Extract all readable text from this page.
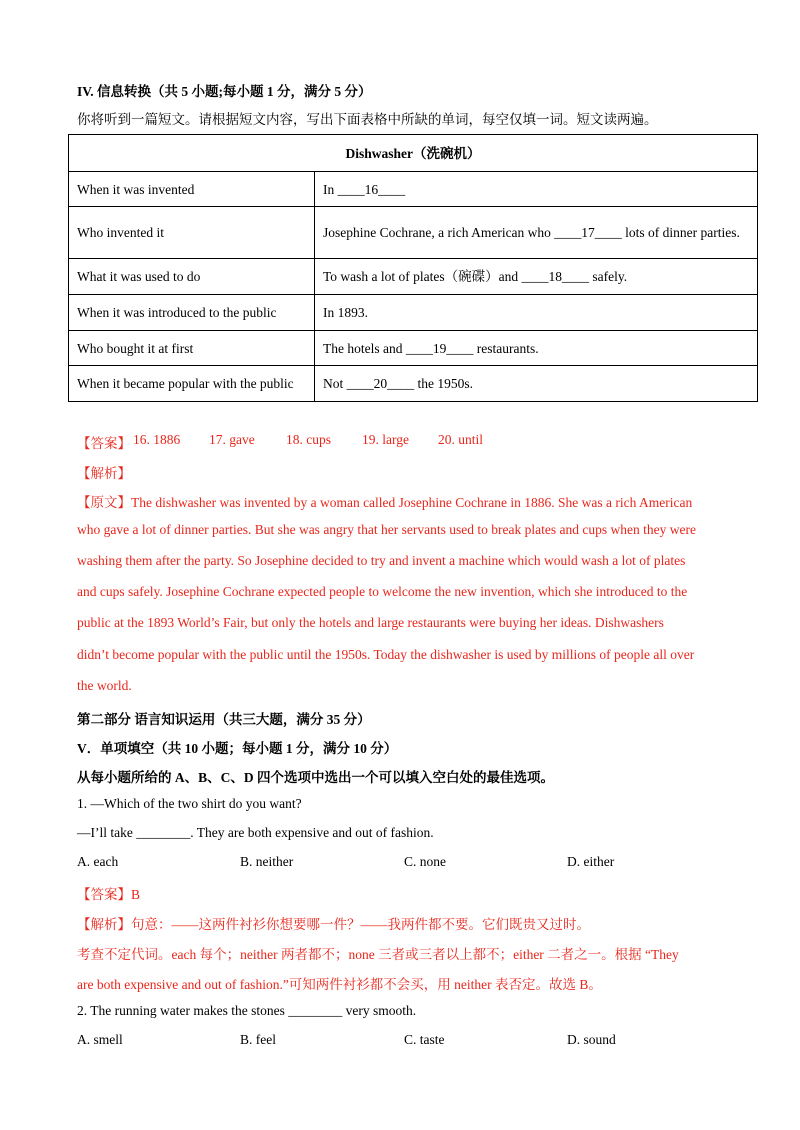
IV. 信息转换（共 5 小题;每小题 1 分，满分 5 分）
你将听到一篇短文。请根据短文内容，写出下面表格中所缺的单词，每空仅填一词。短文读两遍。
Dishwasher（洗碗机）	
When it was invented	In ____16____
Who invented it	Josephine Cochrane, a rich American who ____17____ lots of dinner parties.
What it was used to do	To wash a lot of plates（碗碟）and ____18____ safely.
When it was introduced to the public	In 1893.
Who bought it at first	The hotels and ____19____ restaurants.
When it became popular with the public	Not ____20____ the 1950s.
【答案】 16. 1886 17. gave 18. cups 19. large 20. until
【解析】
【原文】The dishwasher was invented by a woman called Josephine Cochrane in 1886. She was a rich American
who gave a lot of dinner parties. But she was angry that her servants used to break plates and cups when they were
washing them after the party. So Josephine decided to try and invent a machine which would wash a lot of plates
and cups safely. Josephine Cochrane expected people to welcome the new invention, which she introduced to the
public at the 1893 World’s Fair, but only the hotels and large restaurants were buying her ideas. Dishwashers
didn’t become popular with the public until the 1950s. Today the dishwasher is used by millions of people all over
the world.
第二部分 语言知识运用（共三大题，满分 35 分）
V．单项填空（共 10 小题；每小题 1 分，满分 10 分）
从每小题所给的 A、B、C、D 四个选项中选出一个可以填入空白处的最佳选项。
1. —Which of the two shirt do you want?
—I’ll take ________. They are both expensive and out of fashion.
A. each	B. neither	C. none	D. either
【答案】B
【解析】句意：——这两件衬衫你想要哪一件？——我两件都不要。它们既贵又过时。
考查不定代词。each 每个；neither 两者都不；none 三者或三者以上都不；either 二者之一。根据 “They
are both expensive and out of fashion.”可知两件衬衫都不会买，用 neither 表否定。故选 B。
2. The running water makes the stones ________ very smooth.
A. smell	B. feel	C. taste	D. sound
